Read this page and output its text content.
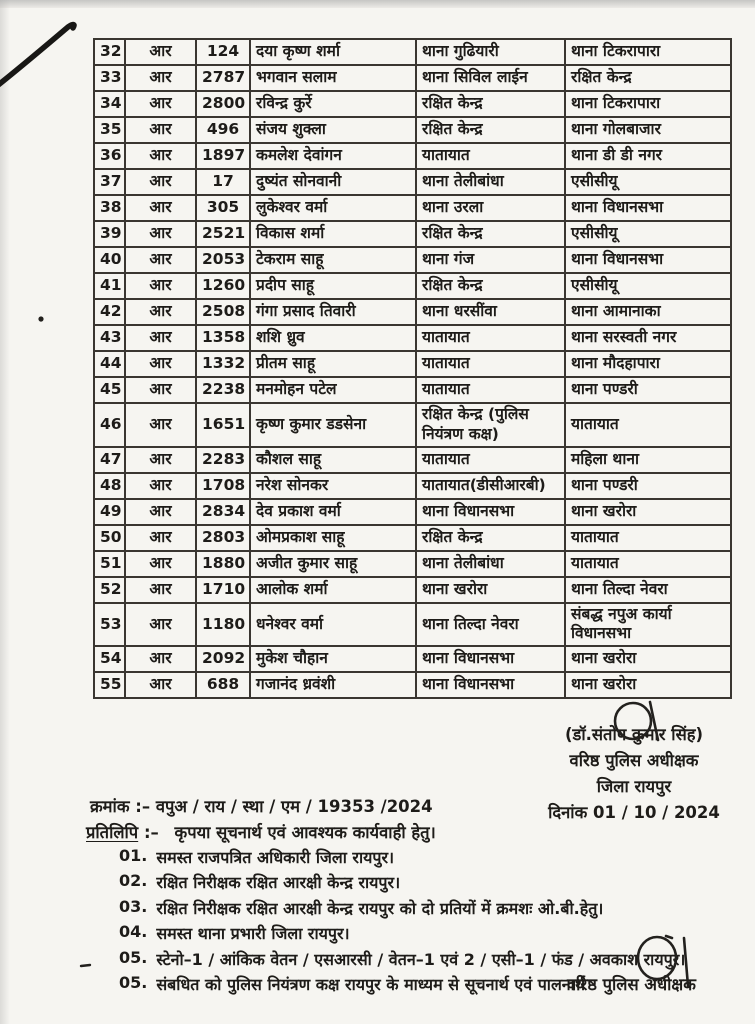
32	आर	124	दया कृष्ण शर्मा	थाना गुढियारी	थाना टिकरापारा
33	आर	2787	भगवान सलाम	थाना सिविल लाईन	रक्षित केन्द्र
34	आर	2800	रविन्द्र कुर्रे	रक्षित केन्द्र	थाना टिकरापारा
35	आर	496	संजय शुक्ला	रक्षित केन्द्र	थाना गोलबाजार
36	आर	1897	कमलेश देवांगन	यातायात	थाना डी डी नगर
37	आर	17	दुष्यंत सोनवानी	थाना तेलीबांधा	एसीसीयू
38	आर	305	लुकेश्वर वर्मा	थाना उरला	थाना विधानसभा
39	आर	2521	विकास शर्मा	रक्षित केन्द्र	एसीसीयू
40	आर	2053	टेकराम साहू	थाना गंज	थाना विधानसभा
41	आर	1260	प्रदीप साहू	रक्षित केन्द्र	एसीसीयू
42	आर	2508	गंगा प्रसाद तिवारी	थाना धरसींवा	थाना आमानाका
43	आर	1358	शशि ध्रुव	यातायात	थाना सरस्वती नगर
44	आर	1332	प्रीतम साहू	यातायात	थाना मौदहापारा
45	आर	2238	मनमोहन पटेल	यातायात	थाना पण्डरी
46	आर	1651	कृष्ण कुमार डडसेना	रक्षित केन्द्र (पुलिस नियंत्रण कक्ष)	यातायात
47	आर	2283	कौशल साहू	यातायात	महिला थाना
48	आर	1708	नरेश सोनकर	यातायात(डीसीआरबी)	थाना पण्डरी
49	आर	2834	देव प्रकाश वर्मा	थाना विधानसभा	थाना खरोरा
50	आर	2803	ओमप्रकाश साहू	रक्षित केन्द्र	यातायात
51	आर	1880	अजीत कुमार साहू	थाना तेलीबांधा	यातायात
52	आर	1710	आलोक शर्मा	थाना खरोरा	थाना तिल्दा नेवरा
53	आर	1180	धनेश्वर वर्मा	थाना तिल्दा नेवरा	संबद्ध नपुअ कार्या विधानसभा
54	आर	2092	मुकेश चौहान	थाना विधानसभा	थाना खरोरा
55	आर	688	गजानंद ध्रवंशी	थाना विधानसभा	थाना खरोरा
(डॉ.संतोष कुमार सिंह)
वरिष्ठ पुलिस अधीक्षक
जिला रायपुर
दिनांक 01 / 10 / 2024
क्रमांक :– वपुअ / राय / स्था / एम / 19353 /2024
प्रतिलिपि :– कृपया सूचनार्थ एवं आवश्यक कार्यवाही हेतु।
01. समस्त राजपत्रित अधिकारी जिला रायपुर।
02. रक्षित निरीक्षक रक्षित आरक्षी केन्द्र रायपुर।
03. रक्षित निरीक्षक रक्षित आरक्षी केन्द्र रायपुर को दो प्रतियों में क्रमशः ओ.बी.हेतु।
04. समस्त थाना प्रभारी जिला रायपुर।
05. स्टेनो–1 / आंकिक वेतन / एसआरसी / वेतन–1 एवं 2 / एसी–1 / फंड / अवकाश रायपुर।
05. संबधित को पुलिस नियंत्रण कक्ष रायपुर के माध्यम से सूचनार्थ एवं पालनार्थ
वरिष्ठ पुलिस अधीक्षक
